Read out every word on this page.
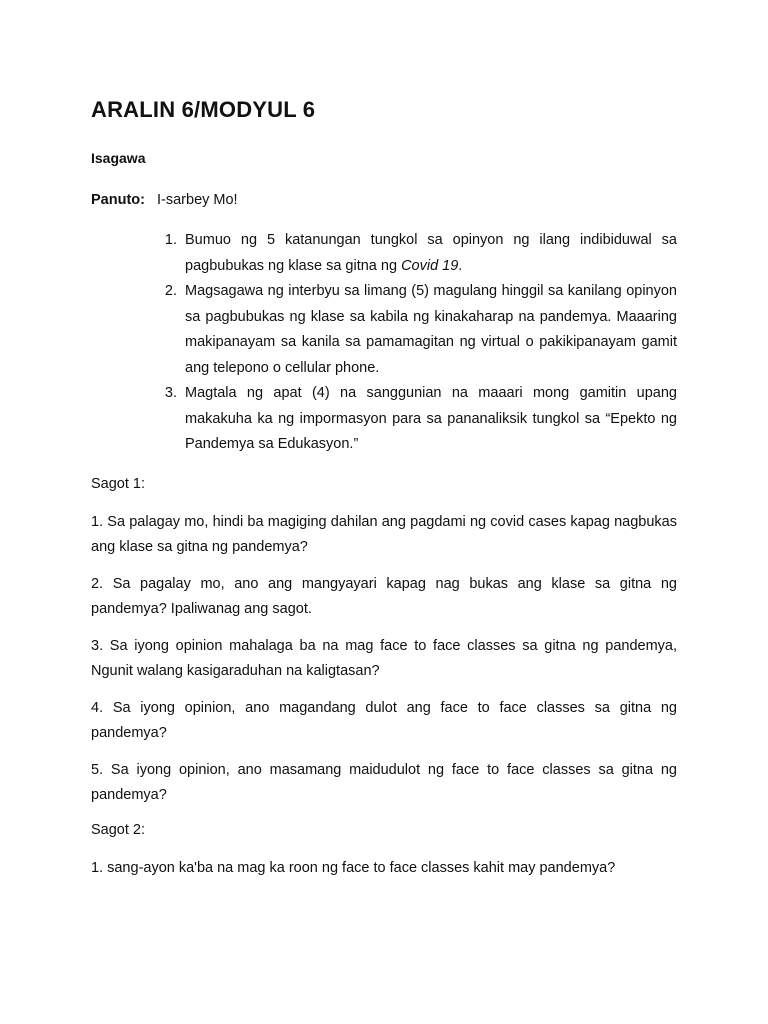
ARALIN 6/MODYUL 6
Isagawa
Panuto: I-sarbey Mo!
1. Bumuo ng 5 katanungan tungkol sa opinyon ng ilang indibiduwal sa pagbubukas ng klase sa gitna ng Covid 19.
2. Magsagawa ng interbyu sa limang (5) magulang hinggil sa kanilang opinyon sa pagbubukas ng klase sa kabila ng kinakaharap na pandemya. Maaaring makipanayam sa kanila sa pamamagitan ng virtual o pakikipanayam gamit ang telepono o cellular phone.
3. Magtala ng apat (4) na sanggunian na maaari mong gamitin upang makakuha ka ng impormasyon para sa pananaliksik tungkol sa “Epekto ng Pandemya sa Edukasyon.”
Sagot 1:

1. Sa palagay mo, hindi ba magiging dahilan ang pagdami ng covid cases kapag nagbukas ang klase sa gitna ng pandemya?

2. Sa pagalay mo, ano ang mangyayari kapag nag bukas ang klase sa gitna ng pandemya? Ipaliwanag ang sagot.

3. Sa iyong opinion mahalaga ba na mag face to face classes sa gitna ng pandemya, Ngunit walang kasigaraduhan na kaligtasan?

4. Sa iyong opinion, ano magandang dulot ang face to face classes sa gitna ng pandemya?

5. Sa iyong opinion, ano masamang maidudulot ng face to face classes sa gitna ng pandemya?

Sagot 2:

1. sang-ayon ka'ba na mag ka roon ng face to face classes kahit may pandemya?
